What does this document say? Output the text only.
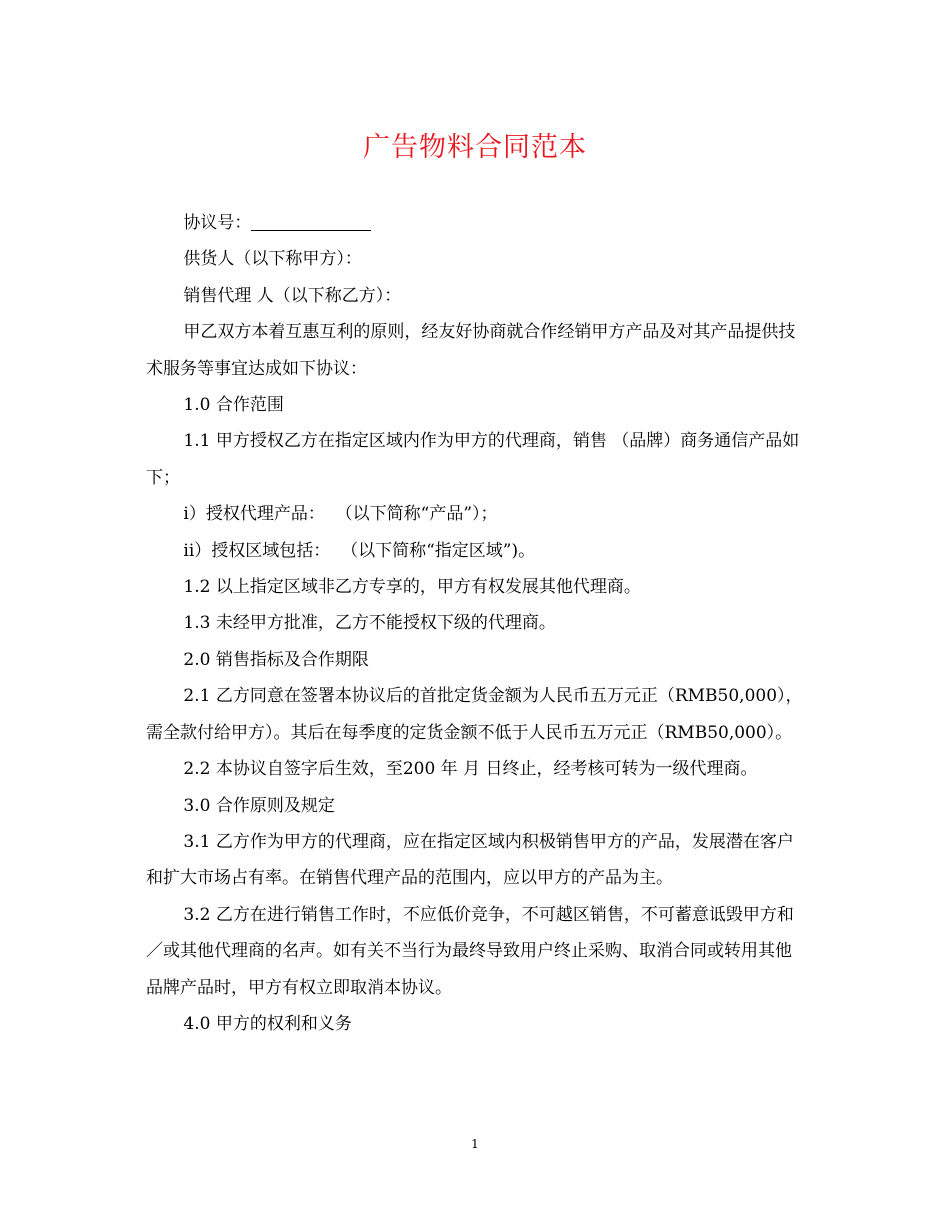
广告物料合同范本

协议号：

供货人（以下称甲方）：

销售代理 人（以下称乙方）：

甲乙双方本着互惠互利的原则，经友好协商就合作经销甲方产品及对其产品提供技术服务等事宜达成如下协议：

1.0 合作范围

1.1 甲方授权乙方在指定区域内作为甲方的代理商，销售 （品牌）商务通信产品如下；

i）授权代理产品：  （以下简称“产品”）；

ii）授权区域包括：  （以下简称“指定区域”)。

1.2 以上指定区域非乙方专享的，甲方有权发展其他代理商。

1.3 未经甲方批准，乙方不能授权下级的代理商。

2.0 销售指标及合作期限

2.1 乙方同意在签署本协议后的首批定货金额为人民币五万元正（RMB50,000），需全款付给甲方）。其后在每季度的定货金额不低于人民币五万元正（RMB50,000）。

2.2 本协议自签字后生效，至200 年 月 日终止，经考核可转为一级代理商。

3.0 合作原则及规定

3.1 乙方作为甲方的代理商，应在指定区域内积极销售甲方的产品，发展潜在客户和扩大市场占有率。在销售代理产品的范围内，应以甲方的产品为主。

3.2 乙方在进行销售工作时，不应低价竞争，不可越区销售，不可蓄意诋毁甲方和／或其他代理商的名声。如有关不当行为最终导致用户终止采购、取消合同或转用其他品牌产品时，甲方有权立即取消本协议。

4.0 甲方的权利和义务

1
